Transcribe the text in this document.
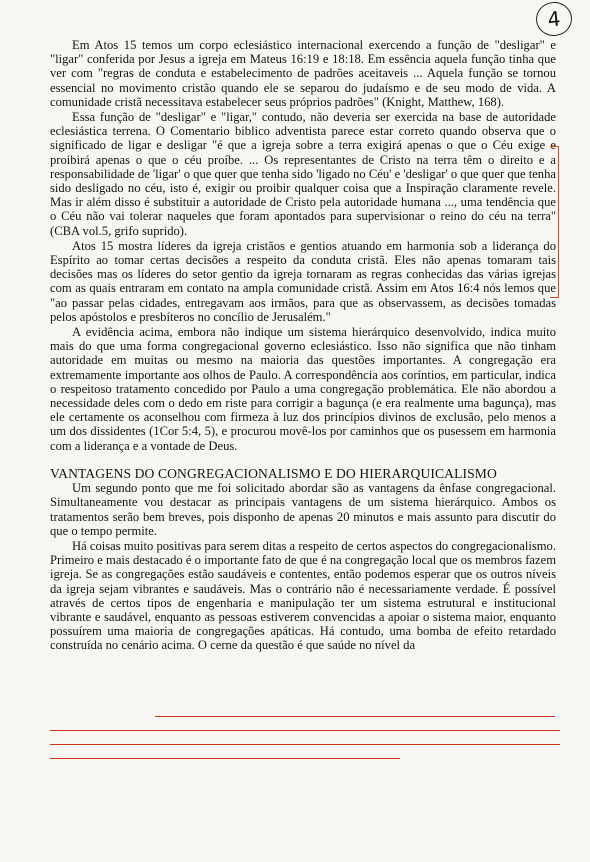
4

Em Atos 15 temos um corpo eclesiástico internacional exercendo a função de "desligar" e "ligar" conferida por Jesus a igreja em Mateus 16:19 e 18:18. Em essência aquela função tinha que ver com "regras de conduta e estabelecimento de padrões aceitaveis ... Aquela função se tornou essencial no movimento cristão quando ele se separou do judaísmo e de seu modo de vida. A comunidade cristã necessitava estabelecer seus próprios padrões" (Knight, Matthew, 168).

Essa função de "desligar" e "ligar," contudo, não deveria ser exercida na base de autoridade eclesiástica terrena. O Comentario biblico adventista parece estar correto quando observa que o significado de ligar e desligar "é que a igreja sobre a terra exigirá apenas o que o Céu exige e proibirá apenas o que o céu proíbe. ... Os representantes de Cristo na terra têm o direito e a responsabilidade de 'ligar' o que quer que tenha sido 'ligado no Céu' e 'desligar' o que quer que tenha sido desligado no céu, isto é, exigir ou proibir qualquer coisa que a Inspiração claramente revele. Mas ir além disso é substituir a autoridade de Cristo pela autoridade humana ..., uma tendência que o Céu não vai tolerar naqueles que foram apontados para supervisionar o reino do céu na terra" (CBA vol.5, grifo suprido).

Atos 15 mostra líderes da igreja cristãos e gentios atuando em harmonia sob a liderança do Espírito ao tomar certas decisões a respeito da conduta cristã. Eles não apenas tomaram tais decisões mas os líderes do setor gentio da igreja tornaram as regras conhecidas das várias igrejas com as quais entraram em contato na ampla comunidade cristã. Assim em Atos 16:4 nós lemos que "ao passar pelas cidades, entregavam aos irmãos, para que as observassem, as decisões tomadas pelos apóstolos e presbíteros no concílio de Jerusalém."

A evidência acima, embora não indique um sistema hierárquico desenvolvido, indica muito mais do que uma forma congregacional governo eclesiástico. Isso não significa que não tinham autoridade em muitas ou mesmo na maioria das questões importantes. A congregação era extremamente importante aos olhos de Paulo. A correspondência aos coríntios, em particular, indica o respeitoso tratamento concedido por Paulo a uma congregação problemática. Ele não abordou a necessidade deles com o dedo em riste para corrigir a bagunça (e era realmente uma bagunça), mas ele certamente os aconselhou com firmeza à luz dos princípios divinos de exclusão, pelo menos a um dos dissidentes (1Cor 5:4, 5), e procurou movê-los por caminhos que os pusessem em harmonia com a liderança e a vontade de Deus.

VANTAGENS DO CONGREGACIONALISMO E DO HIERARQUICALISMO

Um segundo ponto que me foi solicitado abordar são as vantagens da ênfase congregacional. Simultaneamente vou destacar as principais vantagens de um sistema hierárquico. Ambos os tratamentos serão bem breves, pois disponho de apenas 20 minutos e mais assunto para discutir do que o tempo permite.

Há coisas muito positivas para serem ditas a respeito de certos aspectos do congregacionalismo. Primeiro e mais destacado é o importante fato de que é na congregação local que os membros fazem igreja. Se as congregações estão saudáveis e contentes, então podemos esperar que os outros níveis da igreja sejam vibrantes e saudáveis. Mas o contrário não é necessariamente verdade. É possível através de certos tipos de engenharia e manipulação ter um sistema estrutural e institucional vibrante e saudável, enquanto as pessoas estiverem convencidas a apoiar o sistema maior, enquanto possuírem uma maioria de congregações apáticas. Há contudo, uma bomba de efeito retardado construída no cenário acima. O cerne da questão é que saúde no nível da
